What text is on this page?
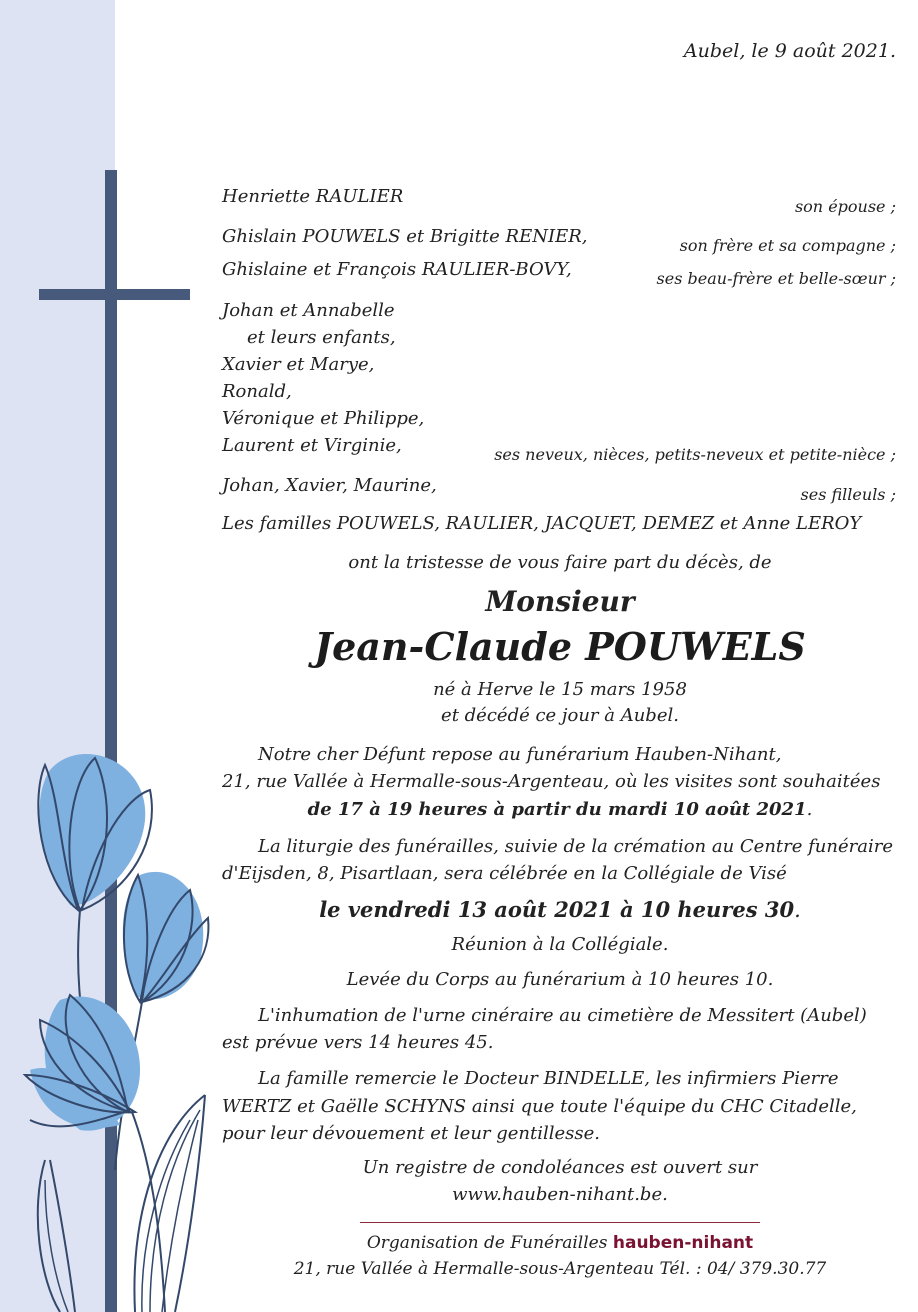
Aubel, le 9 août 2021.
Henriette RAULIER	son épouse ;
Ghislain POUWELS et Brigitte RENIER,	son frère et sa compagne ;
Ghislaine et François RAULIER-BOVY,	ses beau-frère et belle-sœur ;
Johan et Annabelle
et leurs enfants,
Xavier et Marye,
Ronald,
Véronique et Philippe,
Laurent et Virginie,	ses neveux, nièces, petits-neveux et petite-nièce ;
Johan, Xavier, Maurine,	ses filleuls ;
Les familles POUWELS, RAULIER, JACQUET, DEMEZ et Anne LEROY
ont la tristesse de vous faire part du décès, de
Monsieur
Jean-Claude POUWELS
né à Herve le 15 mars 1958
et décédé ce jour à Aubel.
Notre cher Défunt repose au funérarium Hauben-Nihant,
21, rue Vallée à Hermalle-sous-Argenteau, où les visites sont souhaitées
de 17 à 19 heures à partir du mardi 10 août 2021.
La liturgie des funérailles, suivie de la crémation au Centre funéraire
d'Eijsden, 8, Pisartlaan, sera célébrée en la Collégiale de Visé
le vendredi 13 août 2021 à 10 heures 30.
Réunion à la Collégiale.
Levée du Corps au funérarium à 10 heures 10.
L'inhumation de l'urne cinéraire au cimetière de Messitert (Aubel)
est prévue vers 14 heures 45.
La famille remercie le Docteur BINDELLE, les infirmiers Pierre
WERTZ et Gaëlle SCHYNS ainsi que toute l'équipe du CHC Citadelle,
pour leur dévouement et leur gentillesse.
Un registre de condoléances est ouvert sur
www.hauben-nihant.be.
Organisation de Funérailles hauben-nihant
21, rue Vallée à Hermalle-sous-Argenteau Tél. : 04/ 379.30.77
